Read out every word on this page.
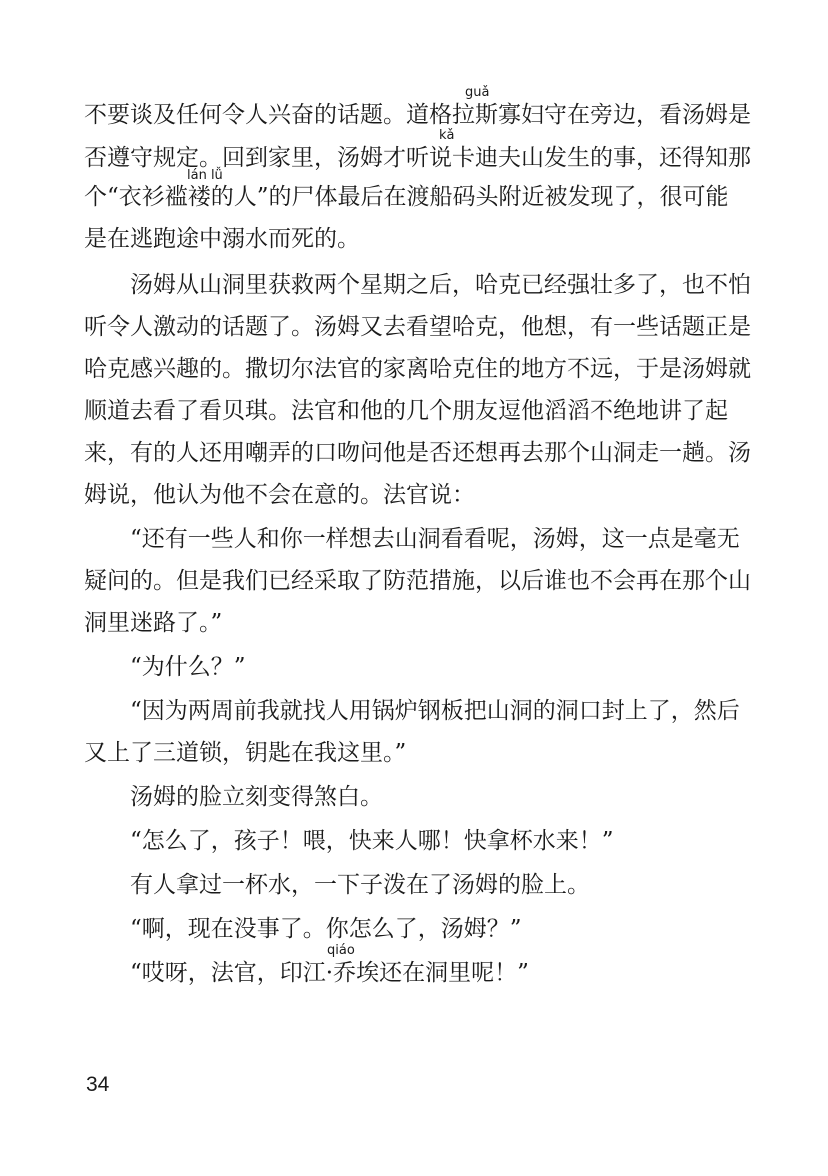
guǎ
不要谈及任何令人兴奋的话题。道格拉斯寡妇守在旁边，看汤姆是
kǎ
否遵守规定。回到家里，汤姆才听说卡迪夫山发生的事，还得知那
lán lǚ
个“衣衫褴褛的人”的尸体最后在渡船码头附近被发现了，很可能
是在逃跑途中溺水而死的。
汤姆从山洞里获救两个星期之后，哈克已经强壮多了，也不怕
听令人激动的话题了。汤姆又去看望哈克，他想，有一些话题正是
哈克感兴趣的。撒切尔法官的家离哈克住的地方不远，于是汤姆就
顺道去看了看贝琪。法官和他的几个朋友逗他滔滔不绝地讲了起
来，有的人还用嘲弄的口吻问他是否还想再去那个山洞走一趟。汤
姆说，他认为他不会在意的。法官说：
“还有一些人和你一样想去山洞看看呢，汤姆，这一点是毫无
疑问的。但是我们已经采取了防范措施，以后谁也不会再在那个山
洞里迷路了。”
“为什么？”
“因为两周前我就找人用锅炉钢板把山洞的洞口封上了，然后
又上了三道锁，钥匙在我这里。”
汤姆的脸立刻变得煞白。
“怎么了，孩子！喂，快来人哪！快拿杯水来！”
有人拿过一杯水，一下子泼在了汤姆的脸上。
“啊，现在没事了。你怎么了，汤姆？”
qiáo
“哎呀，法官，印江·乔埃还在洞里呢！”
34
